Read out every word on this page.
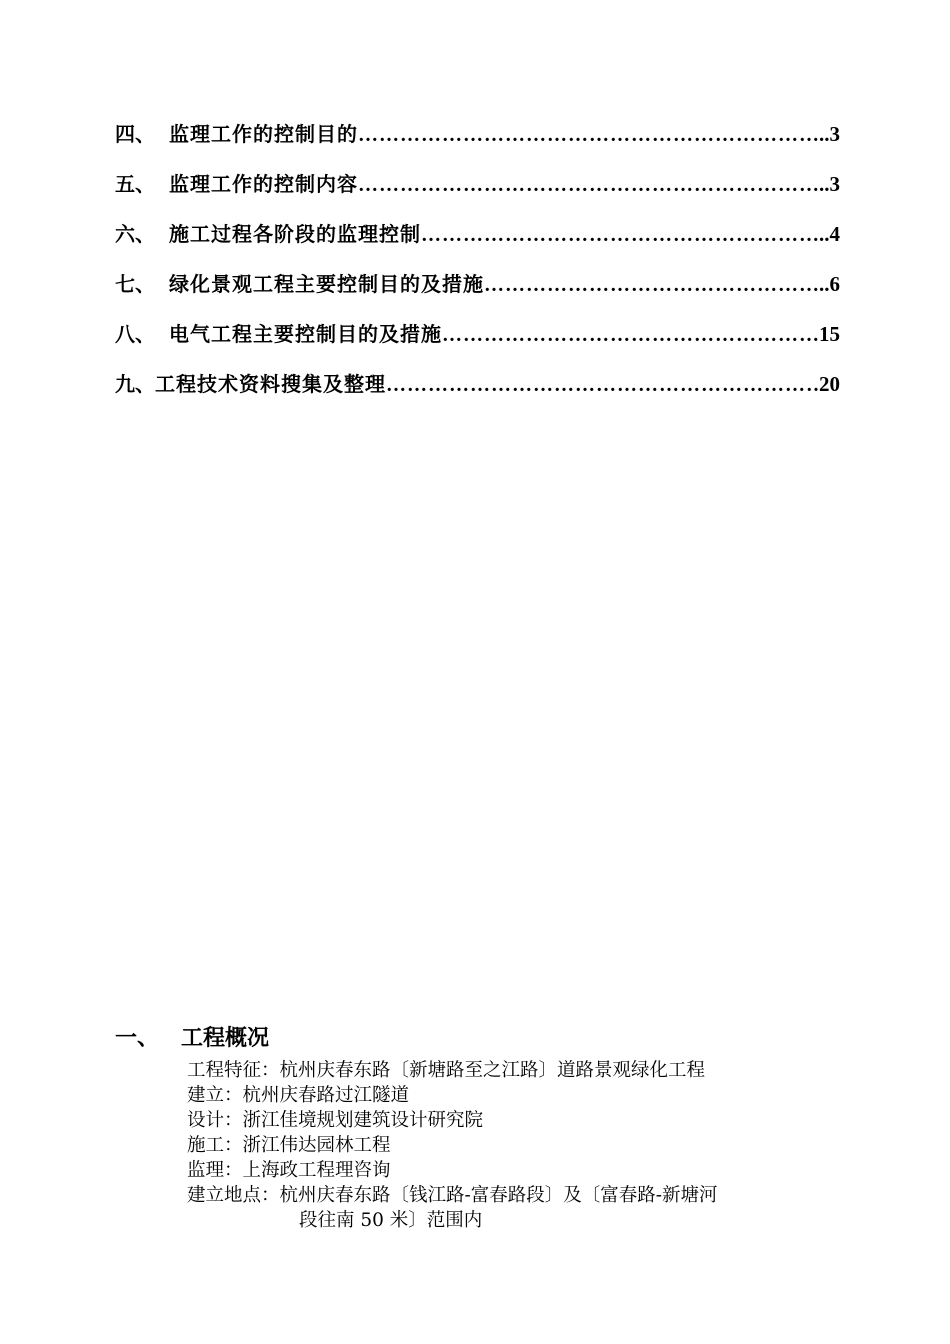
四、 监理工作的控制目的 ………………………………………………………………………………………………………………	..3
五、 监理工作的控制内容 ………………………………………………………………………………………………………………	..3
六、 施工过程各阶段的监理控制 ………………………………………………………………………………………………………………	..4
七、 绿化景观工程主要控制目的及措施 ………………………………………………………………………………………………………………	..6
八、 电气工程主要控制目的及措施 ………………………………………………………………………………………………………………	15
九、 工程技术资料搜集及整理 ………………………………………………………………………………………………………………	20
一、 工程概况
工程特征：杭州庆春东路〔新塘路至之江路〕道路景观绿化工程
建立：杭州庆春路过江隧道
设计：浙江佳境规划建筑设计研究院
施工：浙江伟达园林工程
监理：上海政工程理咨询
建立地点：杭州庆春东路〔钱江路-富春路段〕及〔富春路-新塘河
段往南 50 米〕范围内
